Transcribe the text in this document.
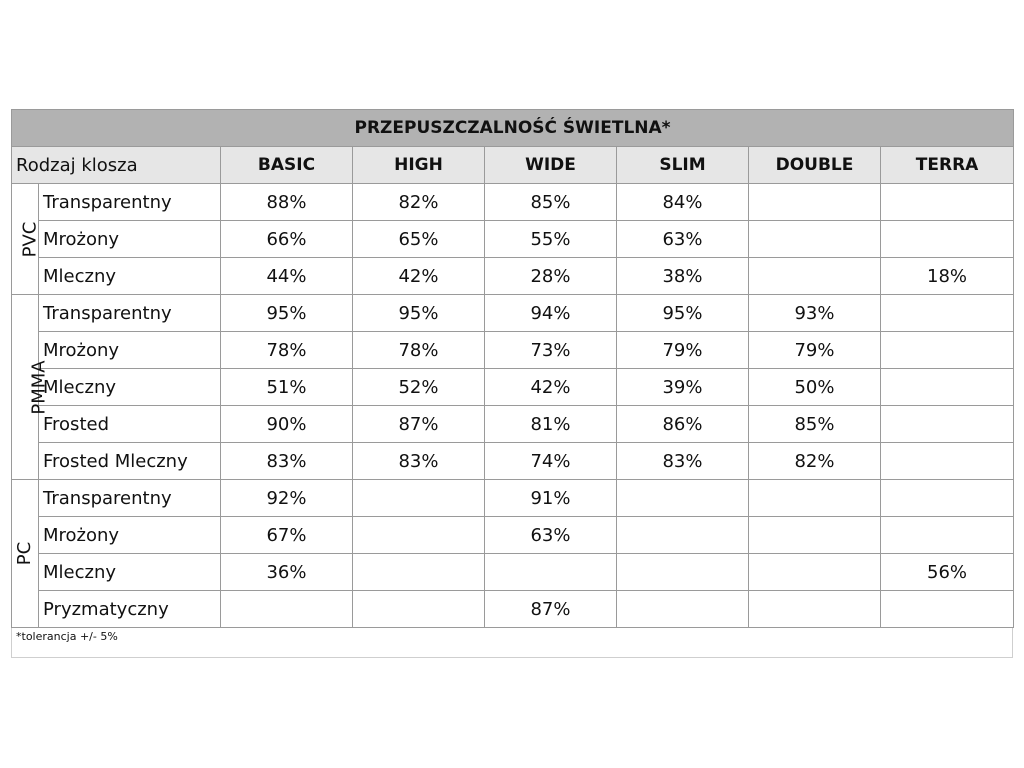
PRZEPUSZCZALNOŚĆ ŚWIETLNA*							
Rodzaj klosza		BASIC	HIGH	WIDE	SLIM	DOUBLE	TERRA
PVC	Transparentny	88%	82%	85%	84%		
	Mrożony	66%	65%	55%	63%		
	Mleczny	44%	42%	28%	38%		18%
PMMA	Transparentny	95%	95%	94%	95%	93%	
	Mrożony	78%	78%	73%	79%	79%	
	Mleczny	51%	52%	42%	39%	50%	
	Frosted	90%	87%	81%	86%	85%	
	Frosted Mleczny	83%	83%	74%	83%	82%	
PC	Transparentny	92%		91%			
	Mrożony	67%		63%			
	Mleczny	36%					56%
	Pryzmatyczny			87%			
*tolerancja +/- 5%
